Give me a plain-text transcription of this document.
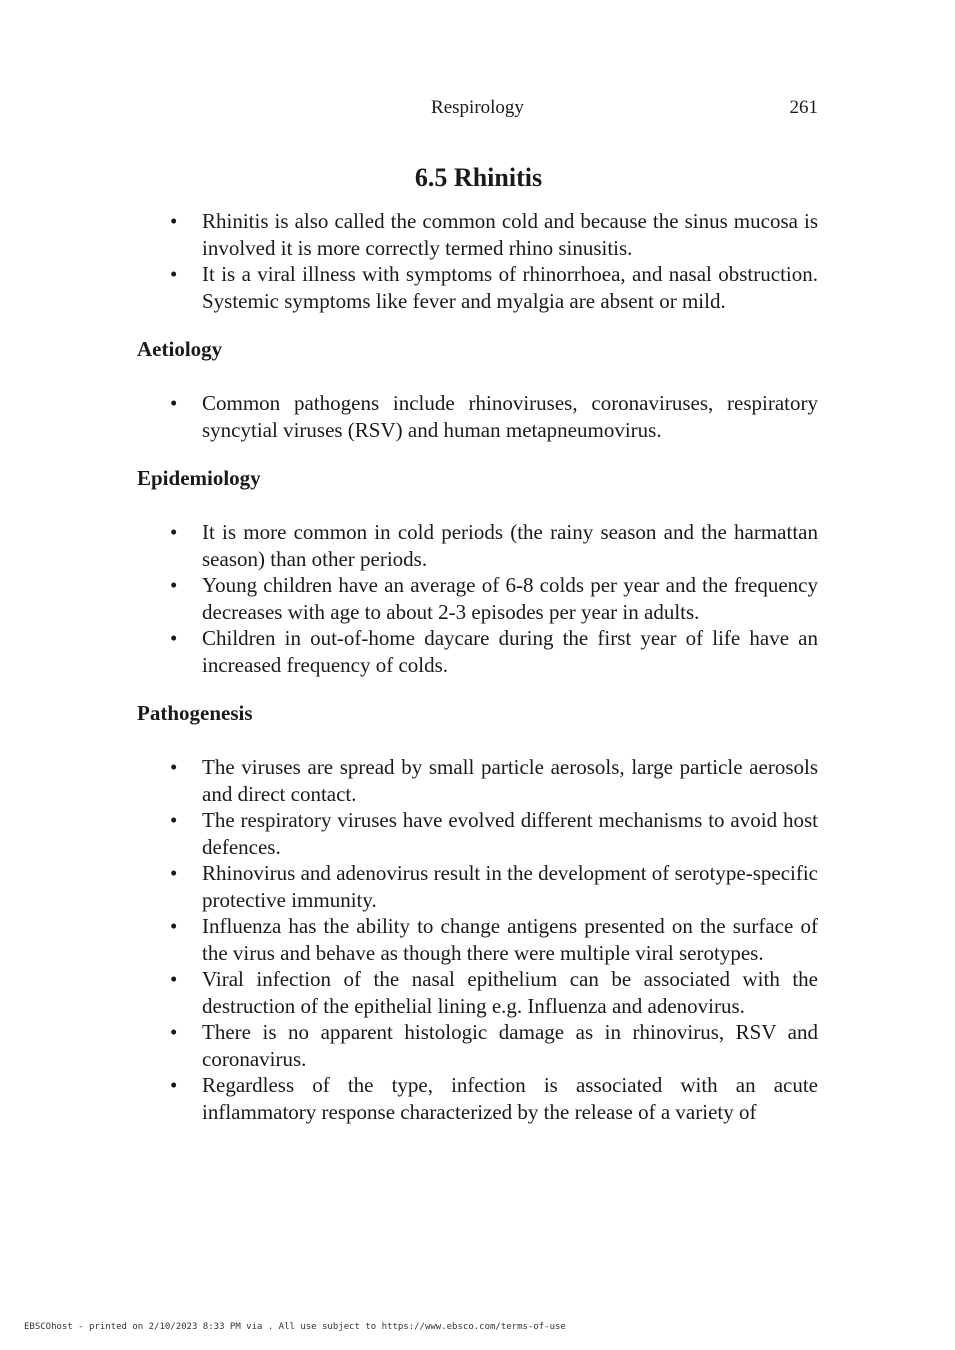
Respirology	261
6.5 Rhinitis
• Rhinitis is also called the common cold and because the sinus mucosa is involved it is more correctly termed rhino sinusitis.
• It is a viral illness with symptoms of rhinorrhoea, and nasal obstruction. Systemic symptoms like fever and myalgia are absent or mild.
Aetiology
• Common pathogens include rhinoviruses, coronaviruses, respiratory syncytial viruses (RSV) and human metapneumovirus.
Epidemiology
• It is more common in cold periods (the rainy season and the harmattan season) than other periods.
• Young children have an average of 6-8 colds per year and the frequency decreases with age to about 2-3 episodes per year in adults.
• Children in out-of-home daycare during the first year of life have an increased frequency of colds.
Pathogenesis
• The viruses are spread by small particle aerosols, large particle aerosols and direct contact.
• The respiratory viruses have evolved different mechanisms to avoid host defences.
• Rhinovirus and adenovirus result in the development of serotype-specific protective immunity.
• Influenza has the ability to change antigens presented on the surface of the virus and behave as though there were multiple viral serotypes.
• Viral infection of the nasal epithelium can be associated with the destruction of the epithelial lining e.g. Influenza and adenovirus.
• There is no apparent histologic damage as in rhinovirus, RSV and coronavirus.
• Regardless of the type, infection is associated with an acute inflammatory response characterized by the release of a variety of
EBSCOhost - printed on 2/10/2023 8:33 PM via . All use subject to https://www.ebsco.com/terms-of-use
